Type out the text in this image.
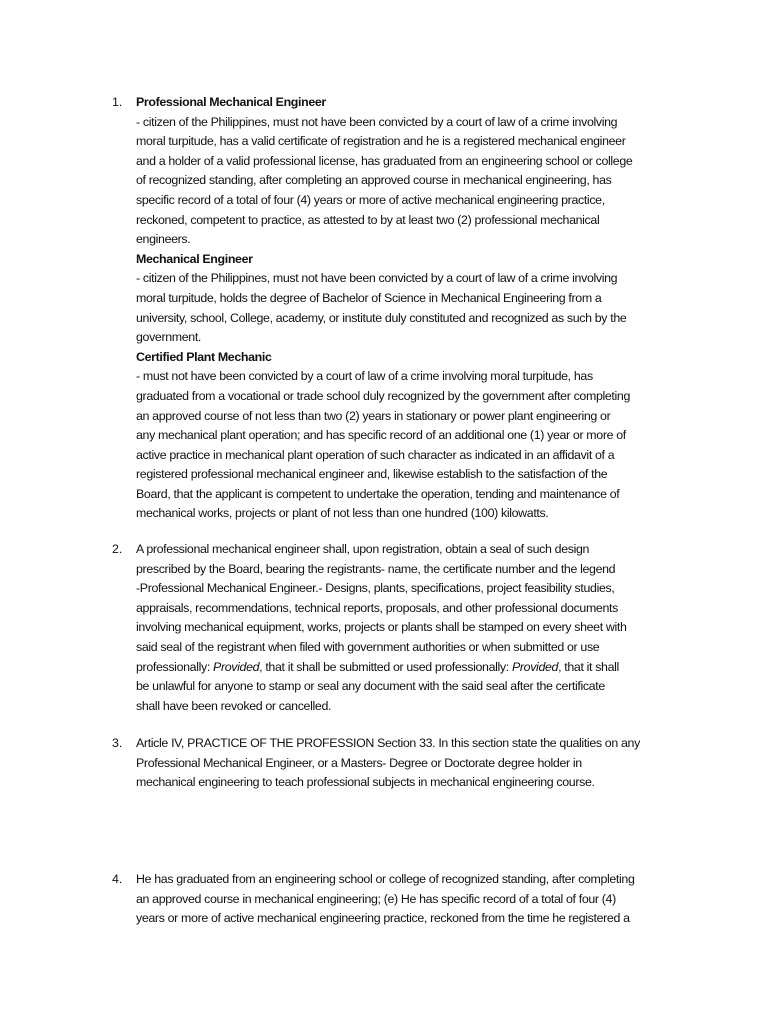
1. Professional Mechanical Engineer
- citizen of the Philippines, must not have been convicted by a court of law of a crime involving
moral turpitude, has a valid certificate of registration and he is a registered mechanical engineer
and a holder of a valid professional license, has graduated from an engineering school or college
of recognized standing, after completing an approved course in mechanical engineering, has
specific record of a total of four (4) years or more of active mechanical engineering practice,
reckoned, competent to practice, as attested to by at least two (2) professional mechanical
engineers.
Mechanical Engineer
- citizen of the Philippines, must not have been convicted by a court of law of a crime involving
moral turpitude, holds the degree of Bachelor of Science in Mechanical Engineering from a
university, school, College, academy, or institute duly constituted and recognized as such by the
government.
Certified Plant Mechanic
- must not have been convicted by a court of law of a crime involving moral turpitude, has
graduated from a vocational or trade school duly recognized by the government after completing
an approved course of not less than two (2) years in stationary or power plant engineering or
any mechanical plant operation; and has specific record of an additional one (1) year or more of
active practice in mechanical plant operation of such character as indicated in an affidavit of a
registered professional mechanical engineer and, likewise establish to the satisfaction of the
Board, that the applicant is competent to undertake the operation, tending and maintenance of
mechanical works, projects or plant of not less than one hundred (100) kilowatts.
2. A professional mechanical engineer shall, upon registration, obtain a seal of such design
prescribed by the Board, bearing the registrants- name, the certificate number and the legend
-Professional Mechanical Engineer.- Designs, plants, specifications, project feasibility studies,
appraisals, recommendations, technical reports, proposals, and other professional documents
involving mechanical equipment, works, projects or plants shall be stamped on every sheet with
said seal of the registrant when filed with government authorities or when submitted or use
professionally: Provided, that it shall be submitted or used professionally: Provided, that it shall
be unlawful for anyone to stamp or seal any document with the said seal after the certificate
shall have been revoked or cancelled.
3. Article IV, PRACTICE OF THE PROFESSION Section 33. In this section state the qualities on any
Professional Mechanical Engineer, or a Masters- Degree or Doctorate degree holder in
mechanical engineering to teach professional subjects in mechanical engineering course.
4. He has graduated from an engineering school or college of recognized standing, after completing
an approved course in mechanical engineering; (e) He has specific record of a total of four (4)
years or more of active mechanical engineering practice, reckoned from the time he registered a
